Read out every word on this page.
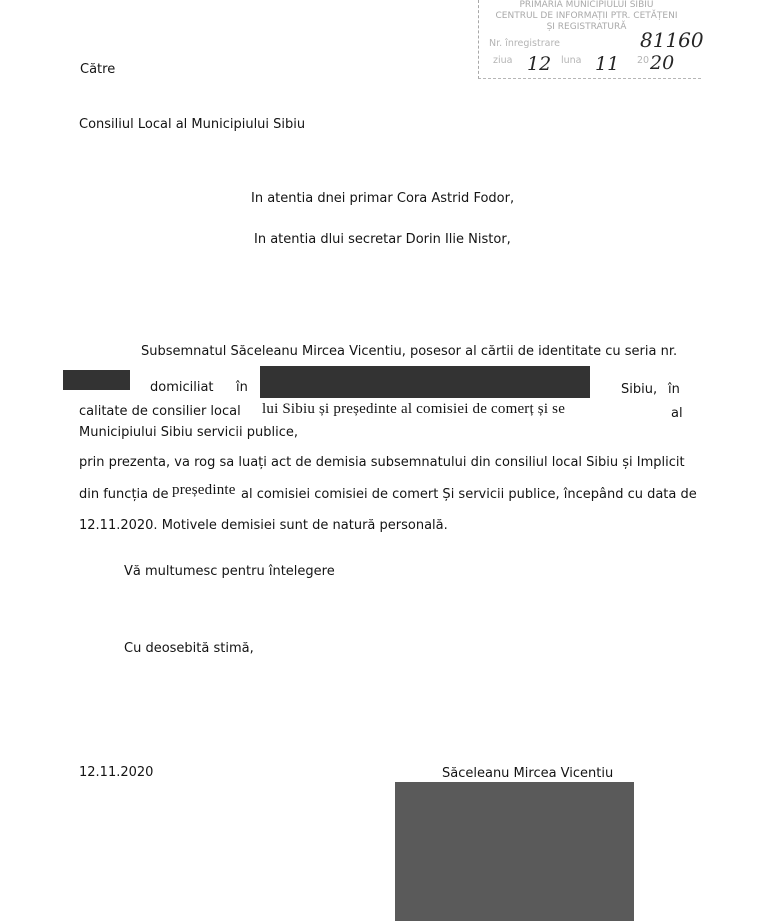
PRIMĂRIA MUNICIPIULUI SIBIU
CENTRUL DE INFORMAȚII PTR. CETĂȚENI
ȘI REGISTRATURĂ
Nr. înregistrare
ziua	luna	20
81160
12 11 20
Către
Consiliul Local al Municipiului Sibiu
In atentia dnei primar Cora Astrid Fodor,
In atentia dlui secretar Dorin Ilie Nistor,
Subsemnatul Săceleanu Mircea Vicentiu, posesor al cărtii de identitate cu seria nr.
domiciliat în	Sibiu, în
calitate de consilier local lui Sibiu și președinte al comisiei de comerț și se	al
Municipiului Sibiu servicii publice,
prin prezenta, va rog sa luați act de demisia subsemnatului din consiliul local Sibiu și Implicit
din funcția de președinte al comisiei comisiei de comert Și servicii publice, începând cu data de
12.11.2020. Motivele demisiei sunt de natură personală.
Vă multumesc pentru întelegere
Cu deosebită stimă,
12.11.2020	Săceleanu Mircea Vicentiu
